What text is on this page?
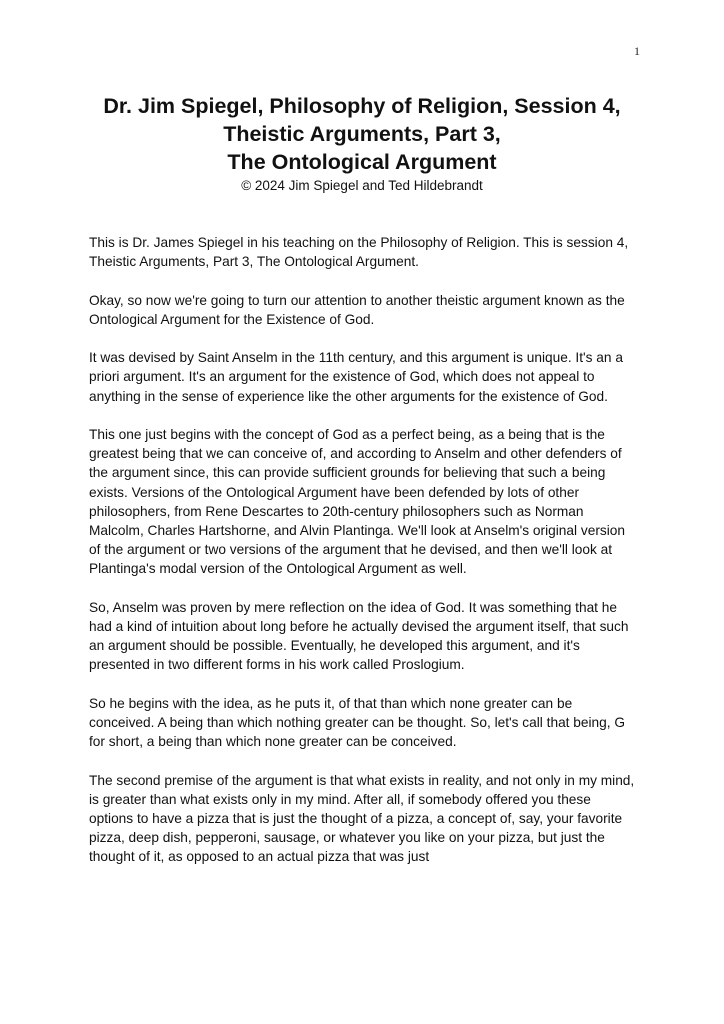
1
Dr. Jim Spiegel, Philosophy of Religion, Session 4,
Theistic Arguments, Part 3,
The Ontological Argument
© 2024 Jim Spiegel and Ted Hildebrandt

This is Dr. James Spiegel in his teaching on the Philosophy of Religion. This is session 4, Theistic Arguments, Part 3, The Ontological Argument.

Okay, so now we're going to turn our attention to another theistic argument known as the Ontological Argument for the Existence of God.

It was devised by Saint Anselm in the 11th century, and this argument is unique. It's an a priori argument. It's an argument for the existence of God, which does not appeal to anything in the sense of experience like the other arguments for the existence of God.

This one just begins with the concept of God as a perfect being, as a being that is the greatest being that we can conceive of, and according to Anselm and other defenders of the argument since, this can provide sufficient grounds for believing that such a being exists. Versions of the Ontological Argument have been defended by lots of other philosophers, from Rene Descartes to 20th-century philosophers such as Norman Malcolm, Charles Hartshorne, and Alvin Plantinga. We'll look at Anselm's original version of the argument or two versions of the argument that he devised, and then we'll look at Plantinga's modal version of the Ontological Argument as well.

So, Anselm was proven by mere reflection on the idea of God. It was something that he had a kind of intuition about long before he actually devised the argument itself, that such an argument should be possible. Eventually, he developed this argument, and it's presented in two different forms in his work called Proslogium.

So he begins with the idea, as he puts it, of that than which none greater can be conceived. A being than which nothing greater can be thought. So, let's call that being, G for short, a being than which none greater can be conceived.

The second premise of the argument is that what exists in reality, and not only in my mind, is greater than what exists only in my mind. After all, if somebody offered you these options to have a pizza that is just the thought of a pizza, a concept of, say, your favorite pizza, deep dish, pepperoni, sausage, or whatever you like on your pizza, but just the thought of it, as opposed to an actual pizza that was just
